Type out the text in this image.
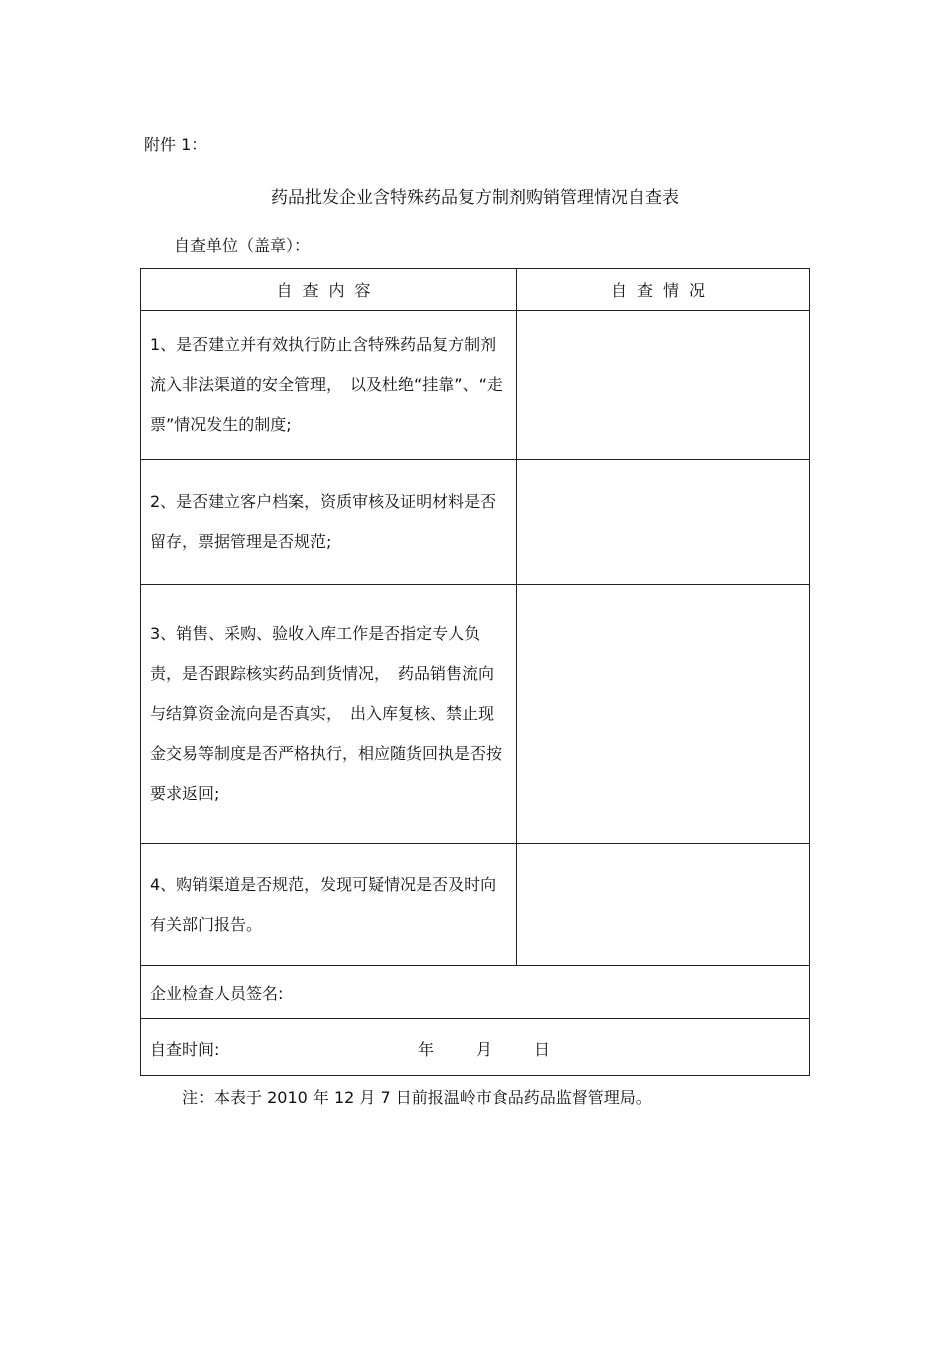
附件 1：
药品批发企业含特殊药品复方制剂购销管理情况自查表
自查单位（盖章）：
自查内容	自查情况
1、是否建立并有效执行防止含特殊药品复方制剂流入非法渠道的安全管理，　以及杜绝“挂靠”、“走票”情况发生的制度;	
2、是否建立客户档案，资质审核及证明材料是否留存，票据管理是否规范;	
3、销售、采购、验收入库工作是否指定专人负责，是否跟踪核实药品到货情况，　药品销售流向与结算资金流向是否真实，　出入库复核、禁止现金交易等制度是否严格执行，相应随货回执是否按要求返回;	
4、购销渠道是否规范，发现可疑情况是否及时向有关部门报告。	
企业检查人员签名:	

自查时间: 年 月 日	
注：本表于 2010 年 12 月 7 日前报温岭市食品药品监督管理局。
